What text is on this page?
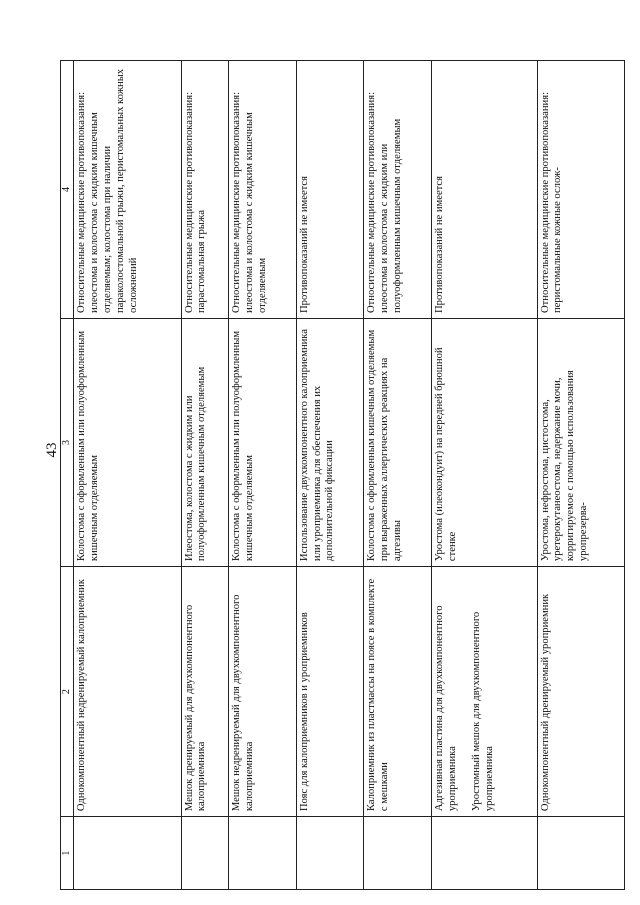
43
1	2	3	4

	Однокомпонентный недренируемый калоприемник	Колостома с оформленным или полуоформленным кишечным отделяемым	Относительные медицинские противопоказания: илеостома и колостома с жидким кишечным отделяемым; колостома при наличии параколостомальной грыжи, перистомальных кожных осложнений

	Мешок дренируемый для двухкомпонентного калоприемника	Илеостома, колостома с жидким или полуоформленным кишечным отделяемым	Относительные медицинские противопоказания: парастомальная грыжа

	Мешок недренируемый для двухкомпонентного калоприемника	Колостома с оформленным или полуоформленным кишечным отделяемым	Относительные медицинские противопоказания: илеостома и колостома с жидким кишечным отделяемым

	Пояс для калоприемников и уроприемников	Использование двухкомпонентного калоприемника или уроприемника для обеспечения их дополнительной фиксации	Противопоказаний не имеется

	Калоприемник из пластмассы на поясе в комплекте с мешками	Колостома с оформленным кишечным отделяемым при выраженных аллергических реакциях на адгезивы	Относительные медицинские противопоказания: илеостома и колостома с жидким или полуоформленным кишечным отделяемым

	Адгезивная пластина для двухкомпонентного уроприемника Уростомный мешок для двухкомпонентного уроприемника	Уростома (илеокондуит) на передней брюшной стенке	Противопоказаний не имеется

	Однокомпонентный дренируемый уроприемник	Уростома, нефростома, цистостома, уретерокутанеостома, недержание мочи, корригируемое с помощью использования уропрезерва-	Относительные медицинские противопоказания: перистомальные кожные ослож-
